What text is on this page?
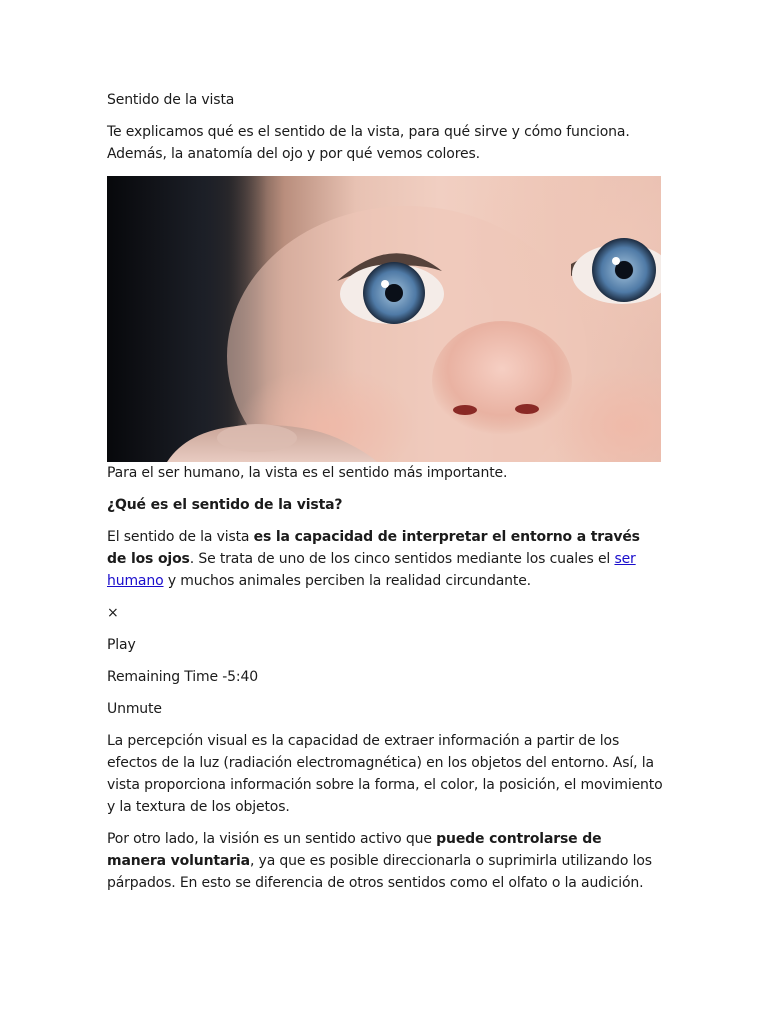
Sentido de la vista

Te explicamos qué es el sentido de la vista, para qué sirve y cómo funciona. Además, la anatomía del ojo y por qué vemos colores.

Para el ser humano, la vista es el sentido más importante.

¿Qué es el sentido de la vista?

El sentido de la vista es la capacidad de interpretar el entorno a través de los ojos. Se trata de uno de los cinco sentidos mediante los cuales el ser humano y muchos animales perciben la realidad circundante.

×

Play

Remaining Time -5:40

Unmute

La percepción visual es la capacidad de extraer información a partir de los efectos de la luz (radiación electromagnética) en los objetos del entorno. Así, la vista proporciona información sobre la forma, el color, la posición, el movimiento y la textura de los objetos.

Por otro lado, la visión es un sentido activo que puede controlarse de manera voluntaria, ya que es posible direccionarla o suprimirla utilizando los párpados. En esto se diferencia de otros sentidos como el olfato o la audición.
